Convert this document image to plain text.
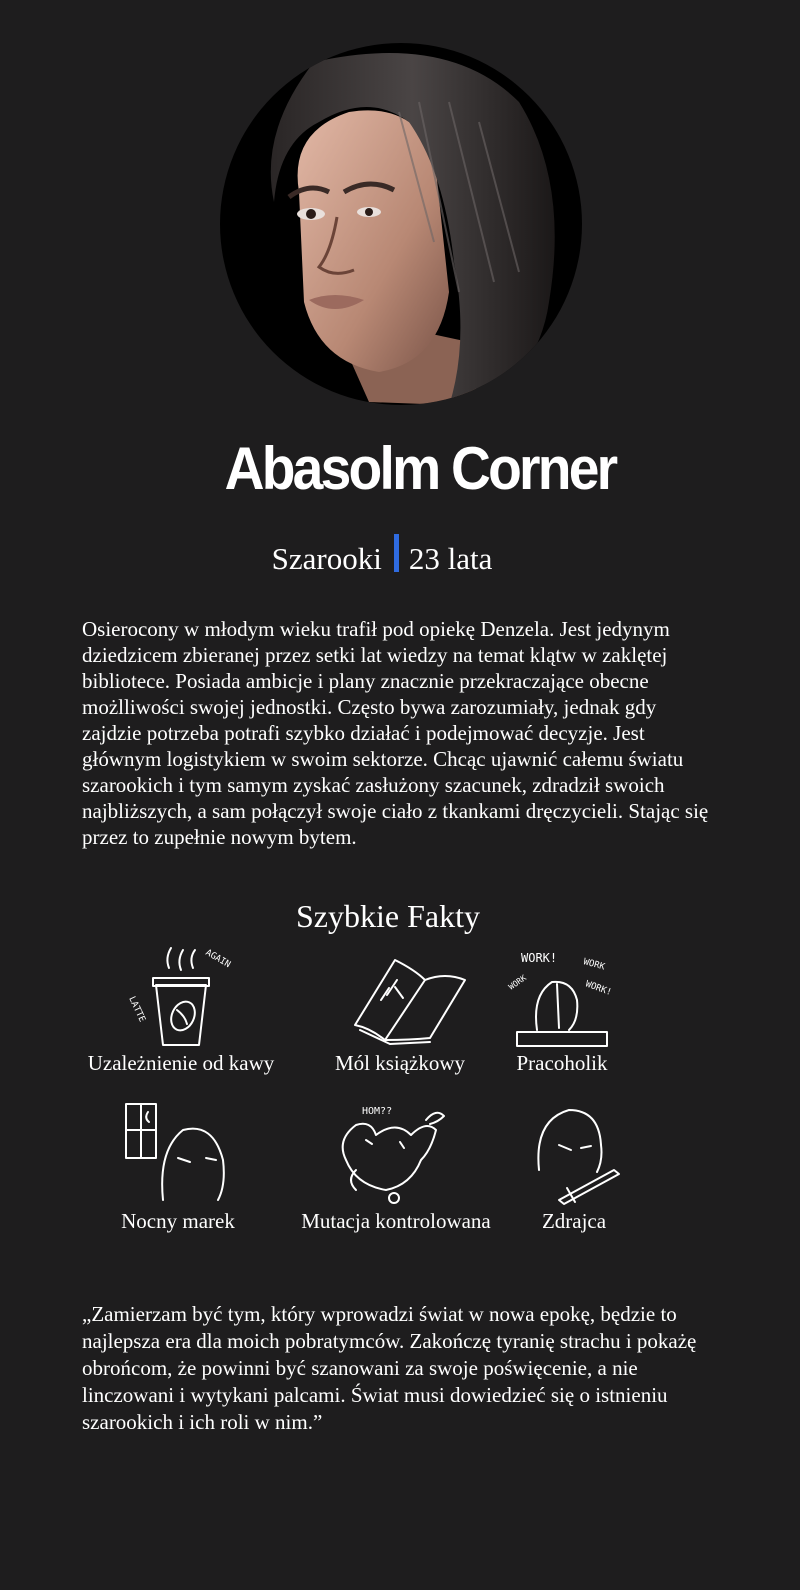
Abasolm Corner
Szarooki 23 lata
Osierocony w młodym wieku trafił pod opiekę Denzela. Jest jedynym dziedzicem zbieranej przez setki lat wiedzy na temat klątw w zaklętej bibliotece. Posiada ambicje i plany znacznie przekraczające obecne możlliwości swojej jednostki. Często bywa zarozumiały, jednak gdy zajdzie potrzeba potrafi szybko działać i podejmować decyzje. Jest głównym logistykiem w swoim sektorze. Chcąc ujawnić całemu światu szarookich i tym samym zyskać zasłużony szacunek, zdradził swoich najbliższych, a sam połączył swoje ciało z tkankami dręczycieli. Stając się przez to zupełnie nowym bytem.
Szybkie Fakty
AGAIN
LATTE
Uzależnienie od kawy	Mól książkowy
WORK!	WORK
WORK	WORK!
Pracoholik
Nocny marek
HOM??
Mutacja kontrolowana	Zdrajca
„Zamierzam być tym, który wprowadzi świat w nowa epokę, będzie to najlepsza era dla moich pobratymców. Zakończę tyranię strachu i pokażę obrońcom, że powinni być szanowani za swoje poświęcenie, a nie linczowani i wytykani palcami. Świat musi dowiedzieć się o istnieniu szarookich i ich roli w nim.”
